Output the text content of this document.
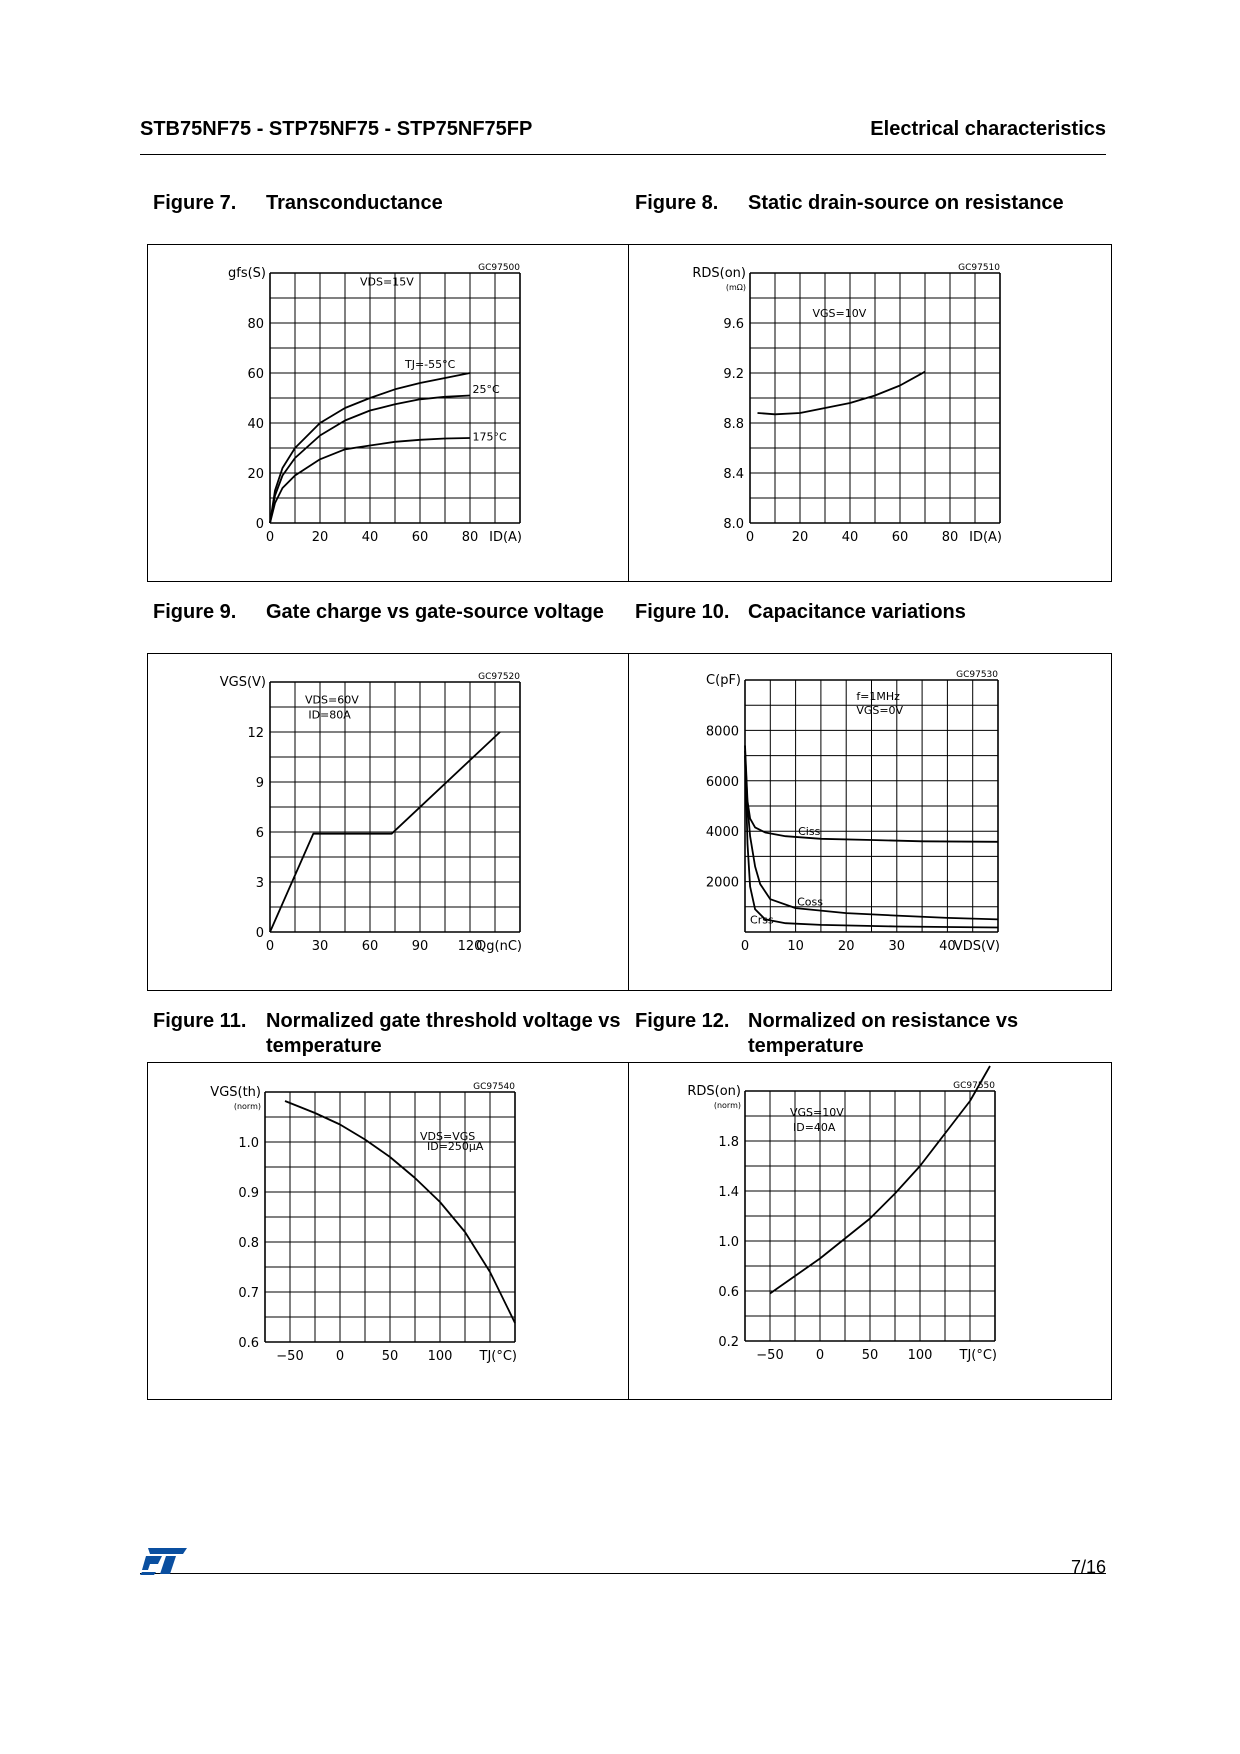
STB75NF75 - STP75NF75 - STP75NF75FP	Electrical characteristics
Figure 7. Transconductance	Figure 8. Static drain-source on resistance
Figure 9. Gate charge vs gate-source voltage	Figure 10. Capacitance variations
Figure 11. Normalized gate threshold voltage vs temperature
Figure 12. Normalized on resistance vs temperature
GC97500
0	20	40	60	80 ID(A)
0
20
40
60
80
gfs(S)
VDS=15V
TJ=-55°C
25°C
175°C
GC97510
0	20	40	60	80 ID(A)
8.0
8.4
8.8
9.2
9.6
RDS(on)
(mΩ)
VGS=10V
GC97520
0	30	60	90 120
Qg(nC)
0
3
6
9
12
VGS(V)
VDS=60V
ID=80A
GC97530
0	10	20	30	40
VDS(V)
2000
4000
6000
8000
C(pF)
f=1MHz
VGS=0V
Ciss
Coss
Crss
GC97540
−50 0	50 100 TJ(°C)
0.6
0.7
0.8
0.9
1.0
VGS(th)
(norm)
VDS=VGS
ID=250μA
GC97550
−50 0	50 100 TJ(°C)
0.2
0.6
1.0
1.4
1.8
RDS(on)
(norm)
VGS=10V
ID=40A
7/16
